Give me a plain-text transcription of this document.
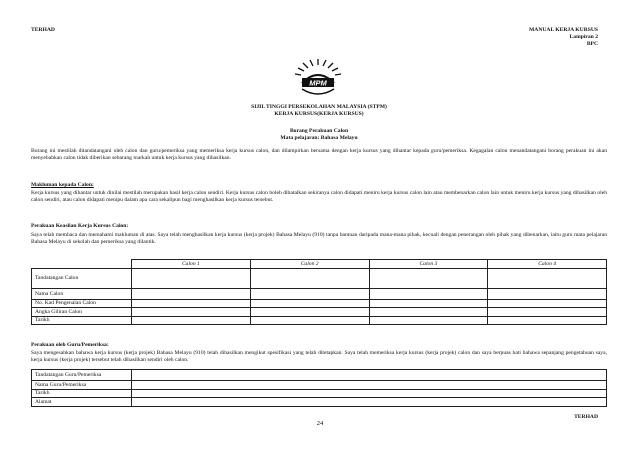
TERHAD	MANUAL KERJA KURSUS
Lampiran 2
BPC
MPM
SIJIL TINGGI PERSEKOLAHAN MALAYSIA (STPM)
KERJA KURSUS(KERJA KURSUS)
Borang Perakuan Calon
Mata pelajaran: Bahasa Melayu
Borang ini mestilah ditandatangani oleh calon dan guru/pemeriksa yang memeriksa kerja kursus calon, dan dilampirkan bersama dengan kerja kursus yang dihantar kepada guru/pemeriksa. Kegagalan calon menandatangani borang perakuan ini akan menyebabkan calon tidak diberikan sebarang markah untuk kerja kursus yang dihasilkan.
Makluman kepada Calon:
Kerja kursus yang dihantar untuk dinilai mestilah merupakan hasil kerja calon sendiri. Kerja kursus calon boleh dibatalkan sekiranya calon didapati meniru kerja kursus calon lain atau membenarkan calon lain untuk meniru kerja kursus yang dihasilkan oleh calon sendiri, atau calon didapati menipu dalam apa cara sekalipun bagi menghasilkan kerja kursus tersebut.
Perakuan Keaslian Kerja Kursus Calon:
Saya telah membaca dan memahami makluman di atas. Saya telah menghasilkan kerja kursus (kerja projek) Bahasa Melayu (910) tanpa bantuan daripada mana-mana pihak, kecuali dengan penerangan oleh pihak yang dibenarkan, iaitu guru mata pelajaran Bahasa Melayu di sekolah dan pemeriksa yang dilantik.
	Calon 1	Calon 2	Calon 3	Calon 4
Tandatangan Calon				
Nama Calon				
No. Kad Pengenalan Calon				
Angka Giliran Calon				
Tarikh				
Perakuan oleh Guru/Pemeriksa:
Saya mengesahkan bahawa kerja kursus (kerja projek) Bahasa Melayu (910) telah dihasilkan mengikut spesifikasi yang telah ditetapkan. Saya telah memeriksa kerja kursus (kerja projek) calon dan saya berpuas hati bahawa sepanjang pengetahuan saya, kerja kursus (kerja projek) tersebut telah dihasilkan sendiri oleh calon.
Tandatangan Guru/Pemeriksa	
Nama Guru/Pemeriksa	
Tarikh	
Alamat	
24
TERHAD
